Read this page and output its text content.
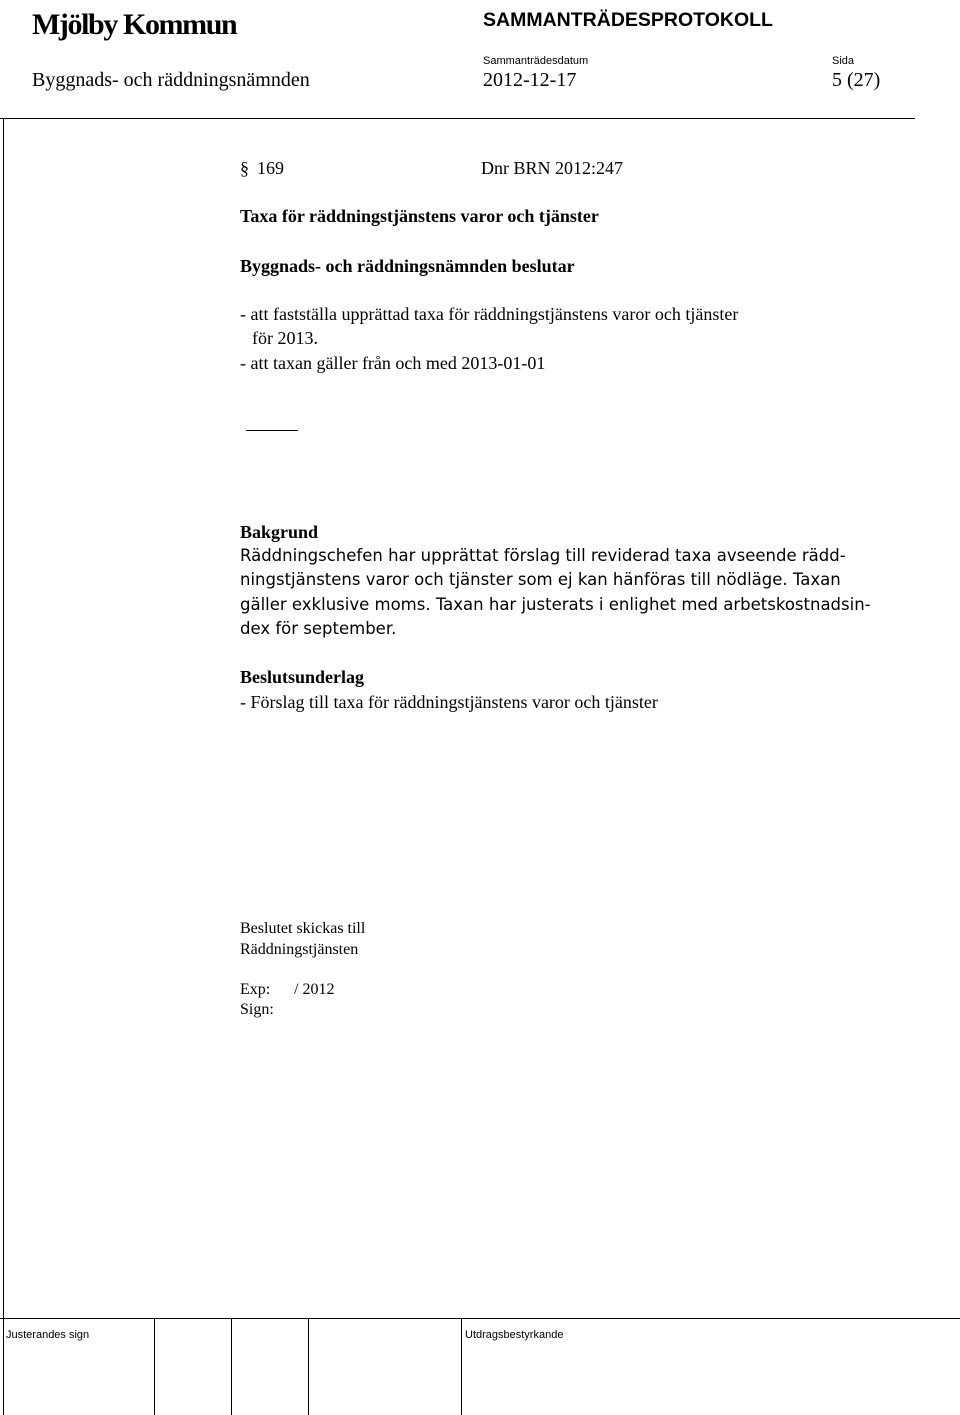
Mjölby Kommun	SAMMANTRÄDESPROTOKOLL
Sammanträdesdatum	Sida
Byggnads- och räddningsnämnden	2012-12-17	5 (27)
§ 169	Dnr BRN 2012:247
Taxa för räddningstjänstens varor och tjänster
Byggnads- och räddningsnämnden beslutar
- att fastställa upprättad taxa för räddningstjänstens varor och tjänster
för 2013.
- att taxan gäller från och med 2013-01-01
Bakgrund
Räddningschefen har upprättat förslag till reviderad taxa avseende rädd-
ningstjänstens varor och tjänster som ej kan hänföras till nödläge. Taxan
gäller exklusive moms. Taxan har justerats i enlighet med arbetskostnadsin-
dex för september.
Beslutsunderlag
- Förslag till taxa för räddningstjänstens varor och tjänster
Beslutet skickas till
Räddningstjänsten
Exp: / 2012
Sign:
Justerandes sign	Utdragsbestyrkande
